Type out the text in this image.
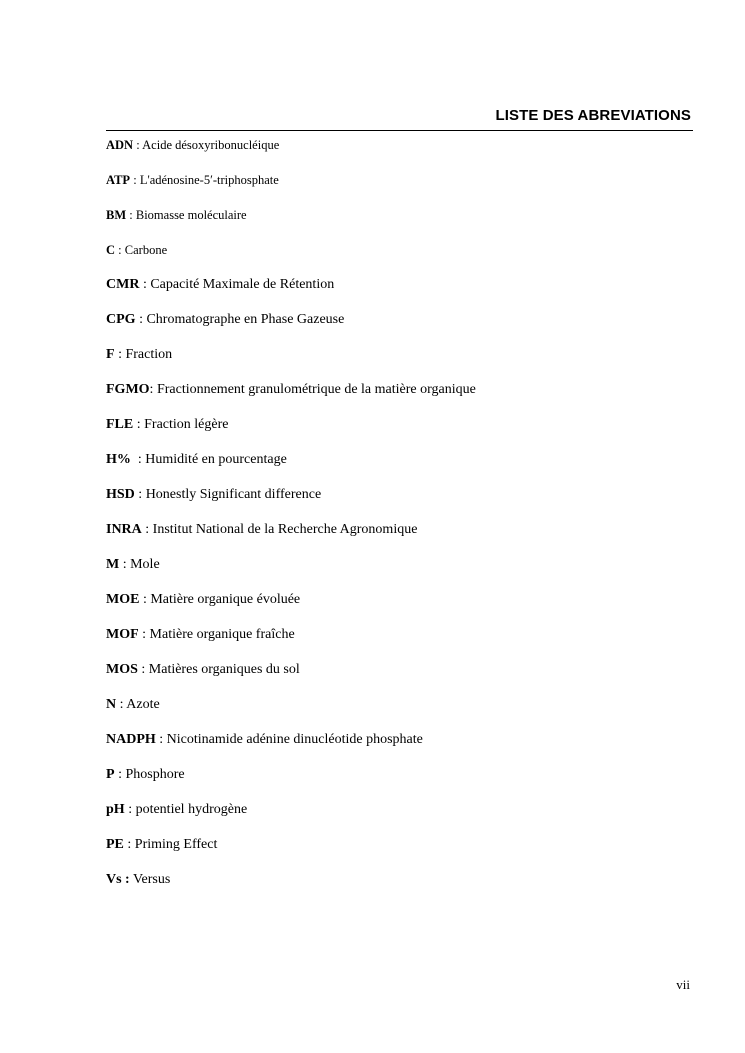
LISTE DES ABREVIATIONS
ADN : Acide désoxyribonucléique
ATP : L'adénosine-5′-triphosphate
BM : Biomasse moléculaire
C : Carbone
CMR : Capacité Maximale de Rétention
CPG : Chromatographe en Phase Gazeuse
F : Fraction
FGMO: Fractionnement granulométrique de la matière organique
FLE : Fraction légère
H%  : Humidité en pourcentage
HSD : Honestly Significant difference
INRA : Institut National de la Recherche Agronomique
M : Mole
MOE : Matière organique évoluée
MOF : Matière organique fraîche
MOS : Matières organiques du sol
N : Azote
NADPH : Nicotinamide adénine dinucléotide phosphate
P : Phosphore
pH : potentiel hydrogène
PE : Priming Effect
Vs : Versus
vii
